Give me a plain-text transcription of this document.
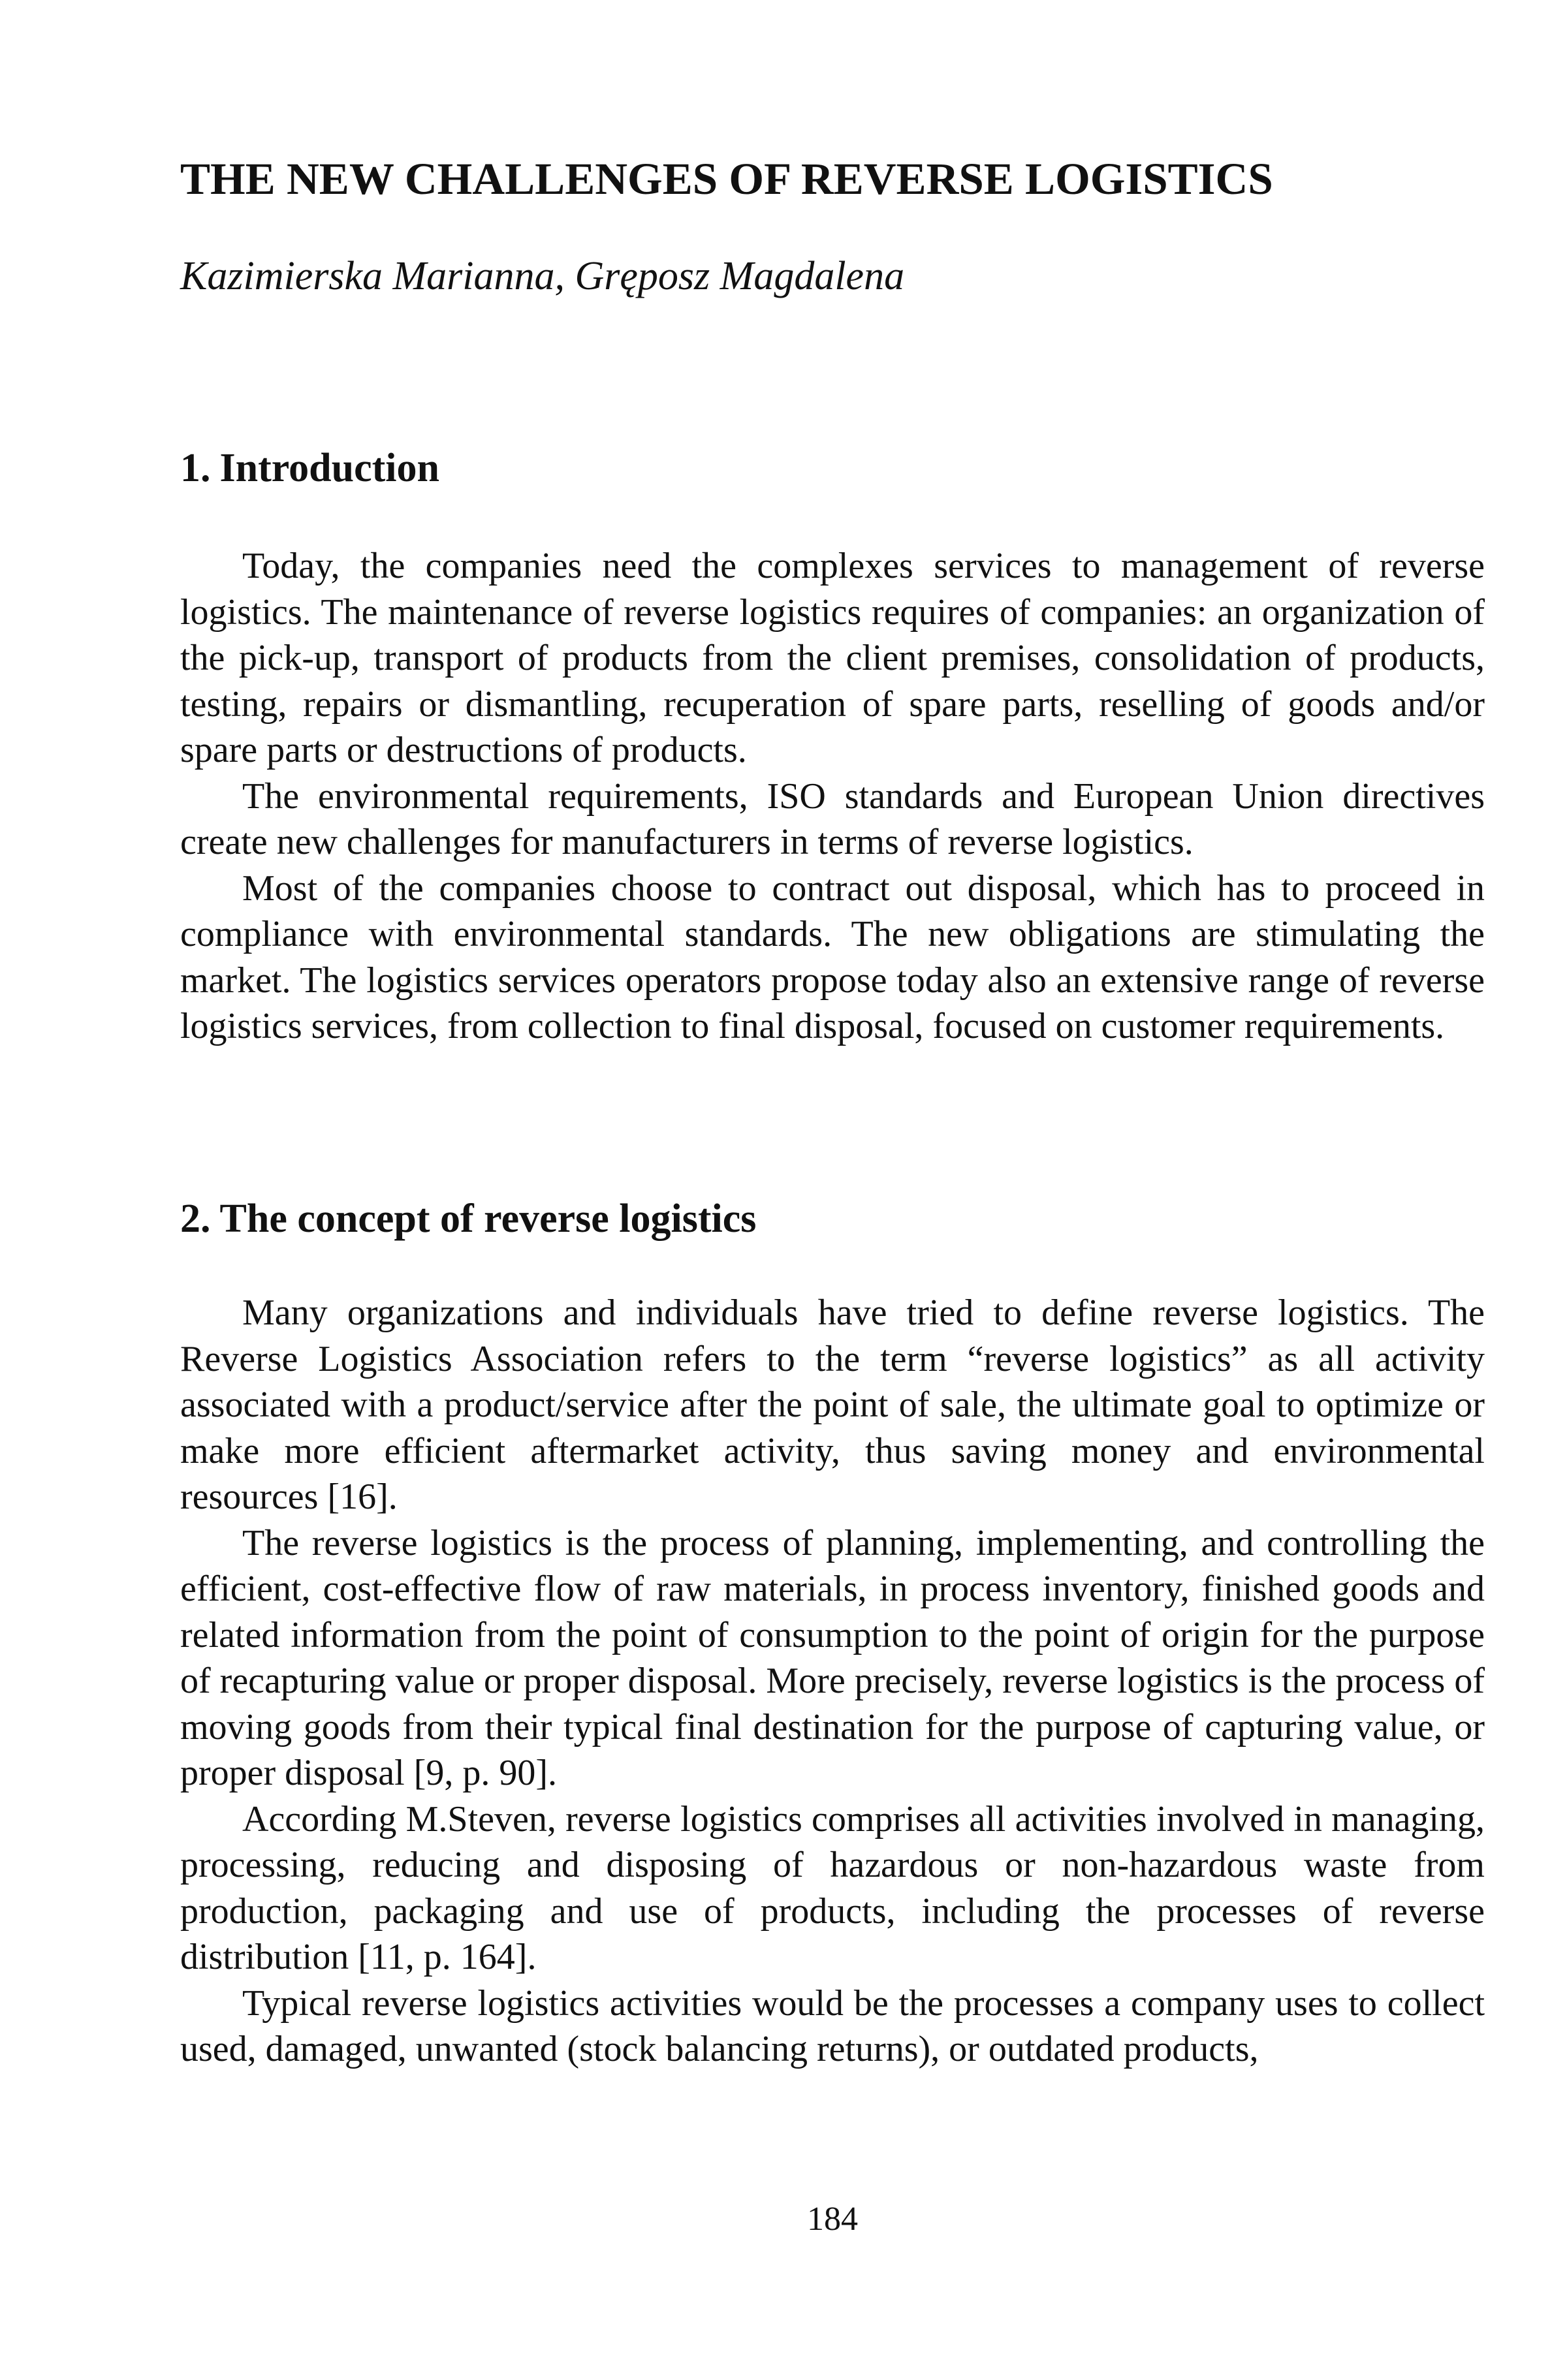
THE NEW CHALLENGES OF REVERSE LOGISTICS
Kazimierska Marianna, Gręposz Magdalena
1. Introduction

Today, the companies need the complexes services to management of reverse logistics. The maintenance of reverse logistics requires of companies: an organization of the pick-up, transport of products from the client premises, consolidation of products, testing, repairs or dismantling, recuperation of spare parts, reselling of goods and/or spare parts or destructions of products.

The environmental requirements, ISO standards and European Union directives create new challenges for manufacturers in terms of reverse logistics.

Most of the companies choose to contract out disposal, which has to proceed in compliance with environmental standards. The new obligations are stimulating the market. The logistics services operators propose today also an extensive range of reverse logistics services, from collection to final disposal, focused on customer requirements.

2. The concept of reverse logistics

Many organizations and individuals have tried to define reverse logistics. The Reverse Logistics Association refers to the term “reverse logistics” as all activity associated with a product/service after the point of sale, the ultimate goal to optimize or make more efficient aftermarket activity, thus saving money and environmental resources [16].

The reverse logistics is the process of planning, implementing, and controlling the efficient, cost-effective flow of raw materials, in process inventory, finished goods and related information from the point of consumption to the point of origin for the purpose of recapturing value or proper disposal. More precisely, reverse logistics is the process of moving goods from their typical final destination for the purpose of capturing value, or proper disposal [9, p. 90].

According M.Steven, reverse logistics comprises all activities involved in managing, processing, reducing and disposing of hazardous or non-hazardous waste from production, packaging and use of products, including the processes of reverse distribution [11, p. 164].

Typical reverse logistics activities would be the processes a company uses to collect used, damaged, unwanted (stock balancing returns), or outdated products,

184
